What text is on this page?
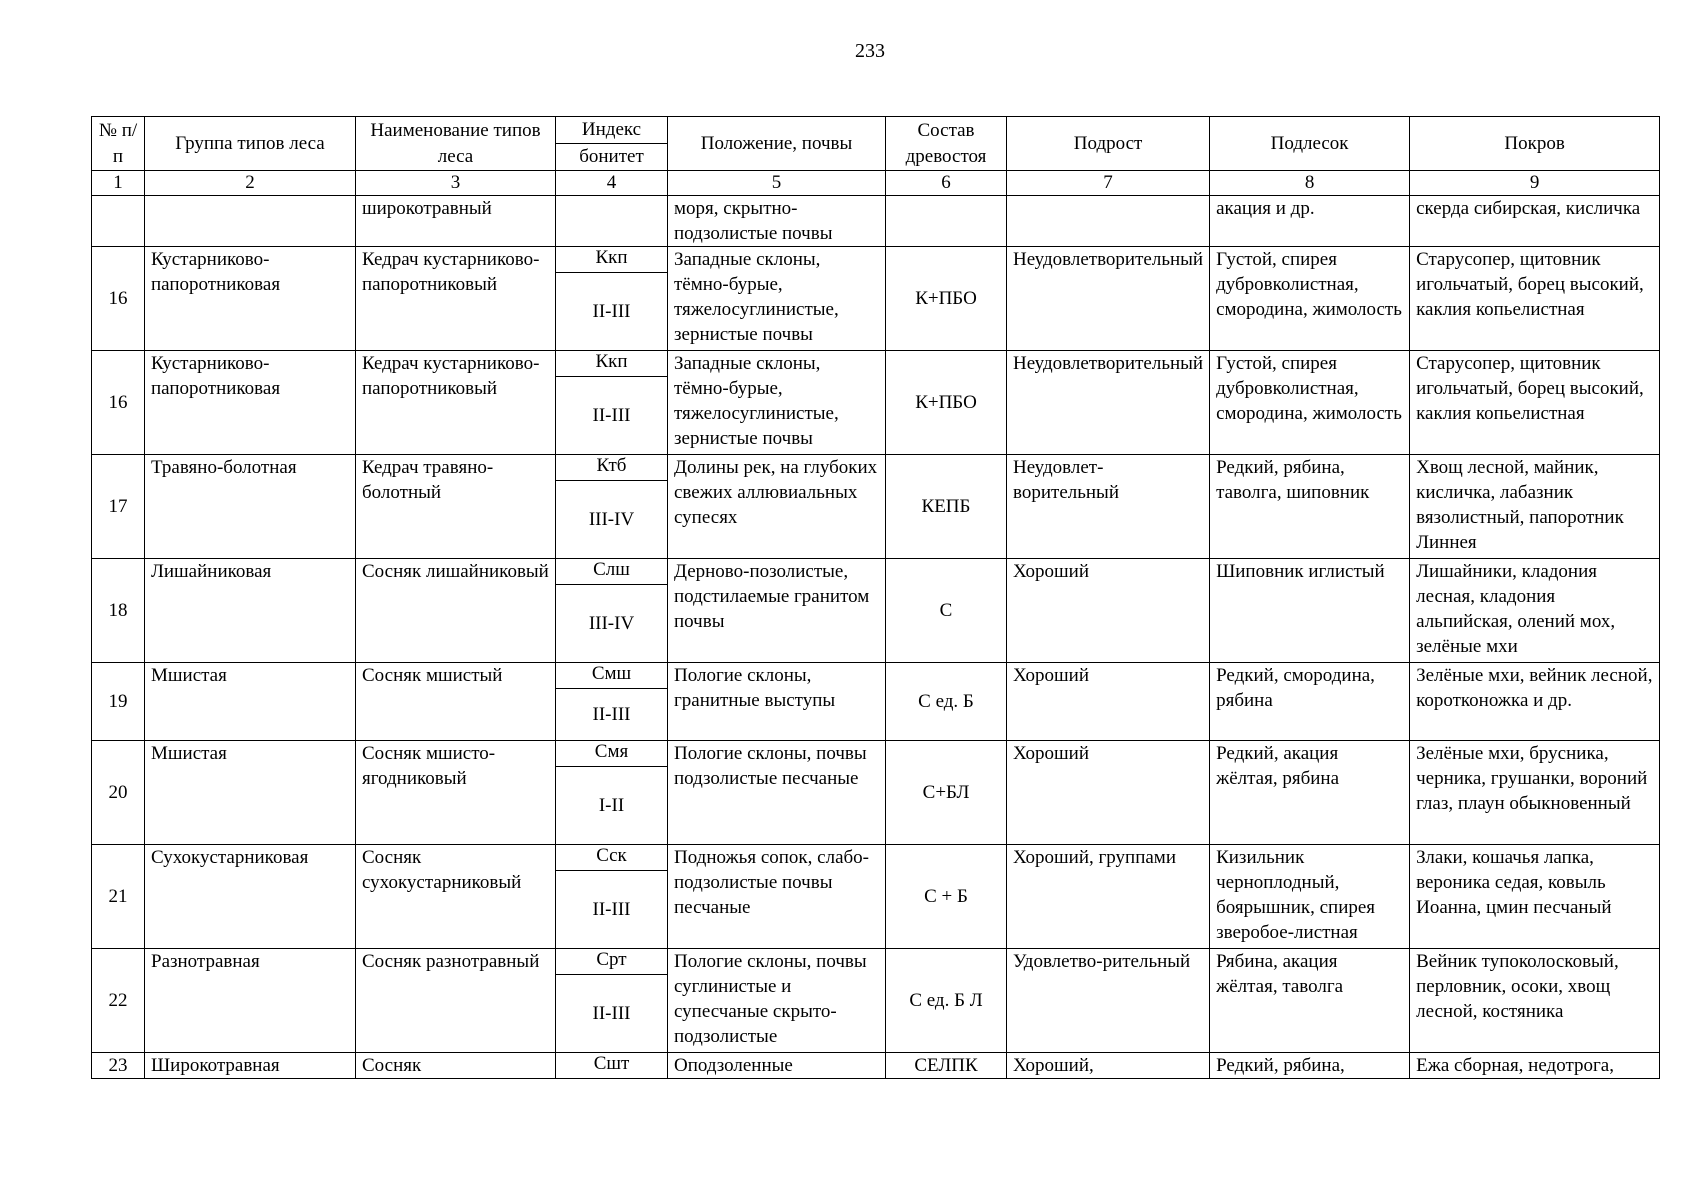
233
№ п/п	Группа типов леса	Наименование типов леса	Индекс	Положение, почвы	Состав древостоя	Подрост	Подлесок	Покров
			бонитет					
1	2	3	4	5	6	7	8	9
		широкотравный		моря, скрытно-подзолистые почвы			акация и др.	скерда сибирская, кисличка
16	Кустарниково-папоротниковая	Кедрач кустарниково-папоротниковый	Ккп	Западные склоны, тёмно-бурые, тяжелосуглинистые, зернистые почвы	К+ПБО	Неудовлетворительный	Густой, спирея дубровколистная, смородина, жимолость	Старусопер, щитовник игольчатый, борец высокий, каклия копьелистная
			II-III					
16	Кустарниково-папоротниковая	Кедрач кустарниково-папоротниковый	Ккп	Западные склоны, тёмно-бурые, тяжелосуглинистые, зернистые почвы	К+ПБО	Неудовлетворительный	Густой, спирея дубровколистная, смородина, жимолость	Старусопер, щитовник игольчатый, борец высокий, каклия копьелистная
			II-III					
17	Травяно-болотная	Кедрач травяно-болотный	Ктб	Долины рек, на глубоких свежих аллювиальных супесях	КЕПБ	Неудовлет-ворительный	Редкий, рябина, таволга, шиповник	Хвощ лесной, майник, кисличка, лабазник вязолистный, папоротник Линнея
			III-IV					
18	Лишайниковая	Сосняк лишайниковый	Слш	Дерново-позолистые, подстилаемые гранитом почвы	С	Хороший	Шиповник иглистый	Лишайники, кладония лесная, кладония альпийская, олений мох, зелёные мхи
			III-IV					
19	Мшистая	Сосняк мшистый	Смш	Пологие склоны, гранитные выступы	С ед. Б	Хороший	Редкий, смородина, рябина	Зелёные мхи, вейник лесной, коротконожка и др.
			II-III					
20	Мшистая	Сосняк мшисто-ягодниковый	Смя	Пологие склоны, почвы подзолистые песчаные	С+БЛ	Хороший	Редкий, акация жёлтая, рябина	Зелёные мхи, брусника, черника, грушанки, вороний глаз, плаун обыкновенный
			I-II					
21	Сухокустарниковая	Сосняк сухокустарниковый	Сск	Подножья сопок, слабо-подзолистые почвы песчаные	С + Б	Хороший, группами	Кизильник черноплодный, боярышник, спирея зверобое-листная	Злаки, кошачья лапка, вероника седая, ковыль Иоанна, цмин песчаный
			II-III					
22	Разнотравная	Сосняк разнотравный	Срт	Пологие склоны, почвы суглинистые и супесчаные скрыто-подзолистые	С ед. Б Л	Удовлетво-рительный	Рябина, акация жёлтая, таволга	Вейник тупоколосковый, перловник, осоки, хвощ лесной, костяника
			II-III					
23	Широкотравная	Сосняк	Сшт	Оподзоленные	СЕЛПК	Хороший,	Редкий, рябина,	Ежа сборная, недотрога,
